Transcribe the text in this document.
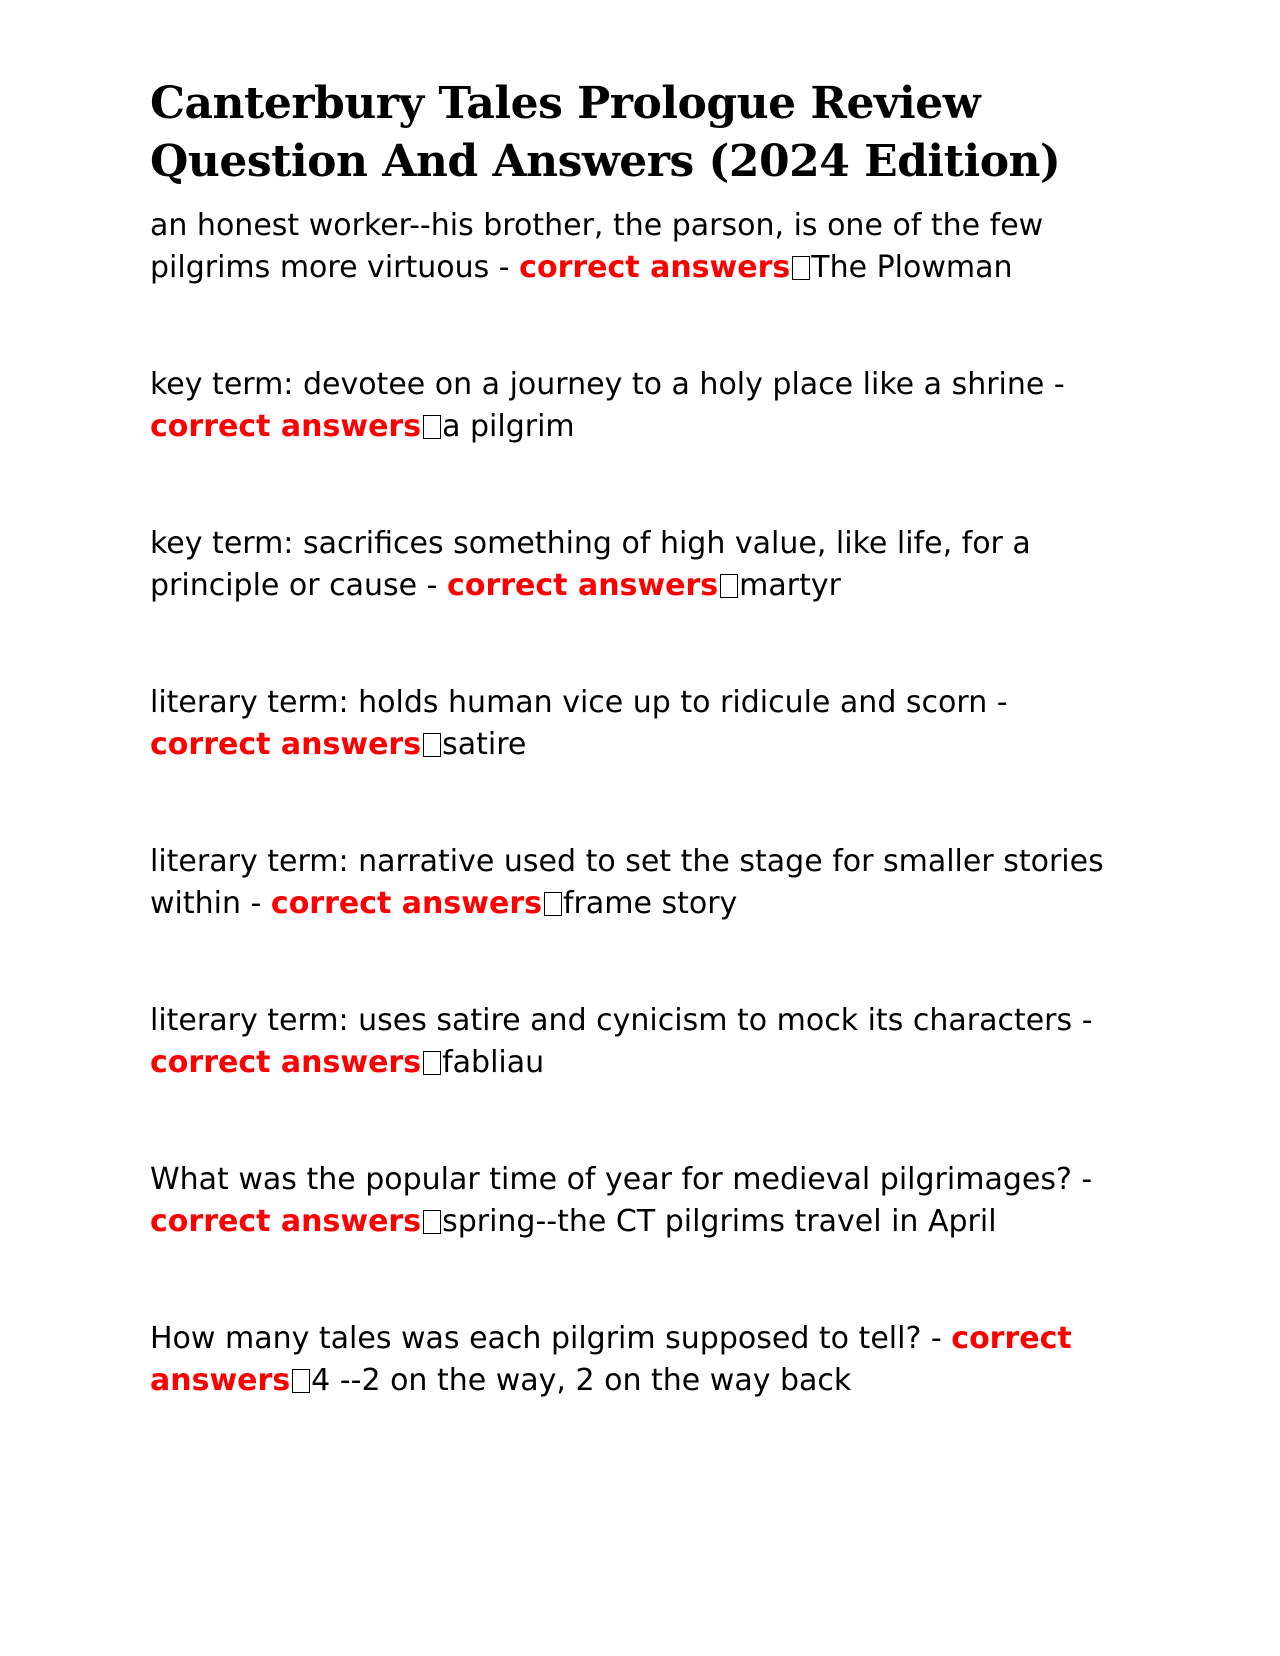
Canterbury Tales Prologue Review Question And Answers (2024 Edition)
an honest worker--his brother, the parson, is one of the few pilgrims more virtuous - correct answers The Plowman
key term: devotee on a journey to a holy place like a shrine - correct answers a pilgrim
key term: sacrifices something of high value, like life, for a principle or cause - correct answers martyr
literary term: holds human vice up to ridicule and scorn - correct answers satire
literary term: narrative used to set the stage for smaller stories within - correct answers frame story
literary term: uses satire and cynicism to mock its characters - correct answers fabliau
What was the popular time of year for medieval pilgrimages? - correct answers spring--the CT pilgrims travel in April
How many tales was each pilgrim supposed to tell? - correct answers 4 --2 on the way, 2 on the way back
